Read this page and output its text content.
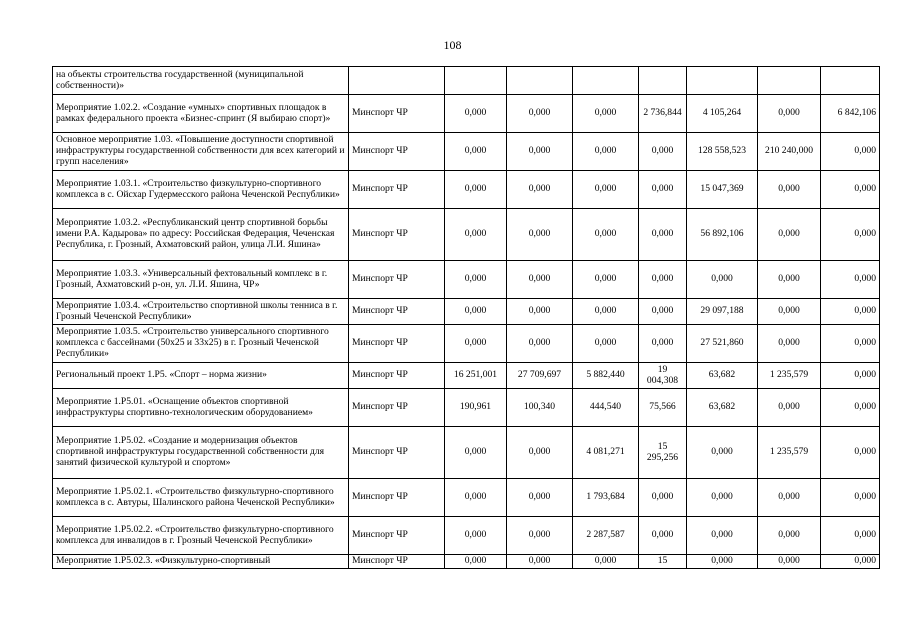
108
на объекты строительства государственной (муниципальной собственности)»								
Мероприятие 1.02.2. «Создание «умных» спортивных площадок в рамках федерального проекта «Бизнес-спринт (Я выбираю спорт)»	Минспорт ЧР	0,000	0,000	0,000	2 736,844	4 105,264	0,000	6 842,106
Основное мероприятие 1.03. «Повышение доступности спортивной инфраструктуры государственной собственности для всех категорий и групп населения»	Минспорт ЧР	0,000	0,000	0,000	0,000	128 558,523	210 240,000	0,000
Мероприятие 1.03.1. «Строительство физкультурно-спортивного комплекса в с. Ойсхар Гудермесского района Чеченской Республики»	Минспорт ЧР	0,000	0,000	0,000	0,000	15 047,369	0,000	0,000
Мероприятие 1.03.2. «Республиканский центр спортивной борьбы имени Р.А. Кадырова» по адресу: Российская Федерация, Чеченская Республика, г. Грозный, Ахматовский район, улица Л.И. Яшина»	Минспорт ЧР	0,000	0,000	0,000	0,000	56 892,106	0,000	0,000
Мероприятие 1.03.3. «Универсальный фехтовальный комплекс в г. Грозный, Ахматовский р-он, ул. Л.И. Яшина, ЧР»	Минспорт ЧР	0,000	0,000	0,000	0,000	0,000	0,000	0,000
Мероприятие 1.03.4. «Строительство спортивной школы тенниса в г. Грозный Чеченской Республики»	Минспорт ЧР	0,000	0,000	0,000	0,000	29 097,188	0,000	0,000
Мероприятие 1.03.5. «Строительство универсального спортивного комплекса с бассейнами (50х25 и 33х25) в г. Грозный Чеченской Республики»	Минспорт ЧР	0,000	0,000	0,000	0,000	27 521,860	0,000	0,000
Региональный проект 1.Р5. «Спорт – норма жизни»	Минспорт ЧР	16 251,001	27 709,697	5 882,440	19 004,308	63,682	1 235,579	0,000
Мероприятие 1.Р5.01. «Оснащение объектов спортивной инфраструктуры спортивно-технологическим оборудованием»	Минспорт ЧР	190,961	100,340	444,540	75,566	63,682	0,000	0,000
Мероприятие 1.Р5.02. «Создание и модернизация объектов спортивной инфраструктуры государственной собственности для занятий физической культурой и спортом»	Минспорт ЧР	0,000	0,000	4 081,271	15 295,256	0,000	1 235,579	0,000
Мероприятие 1.Р5.02.1. «Строительство физкультурно-спортивного комплекса в с. Автуры, Шалинского района Чеченской Республики»	Минспорт ЧР	0,000	0,000	1 793,684	0,000	0,000	0,000	0,000
Мероприятие 1.Р5.02.2. «Строительство физкультурно-спортивного комплекса для инвалидов в г. Грозный Чеченской Республики»	Минспорт ЧР	0,000	0,000	2 287,587	0,000	0,000	0,000	0,000
Мероприятие 1.Р5.02.3. «Физкультурно-спортивный	Минспорт ЧР	0,000	0,000	0,000	15	0,000	0,000	0,000
